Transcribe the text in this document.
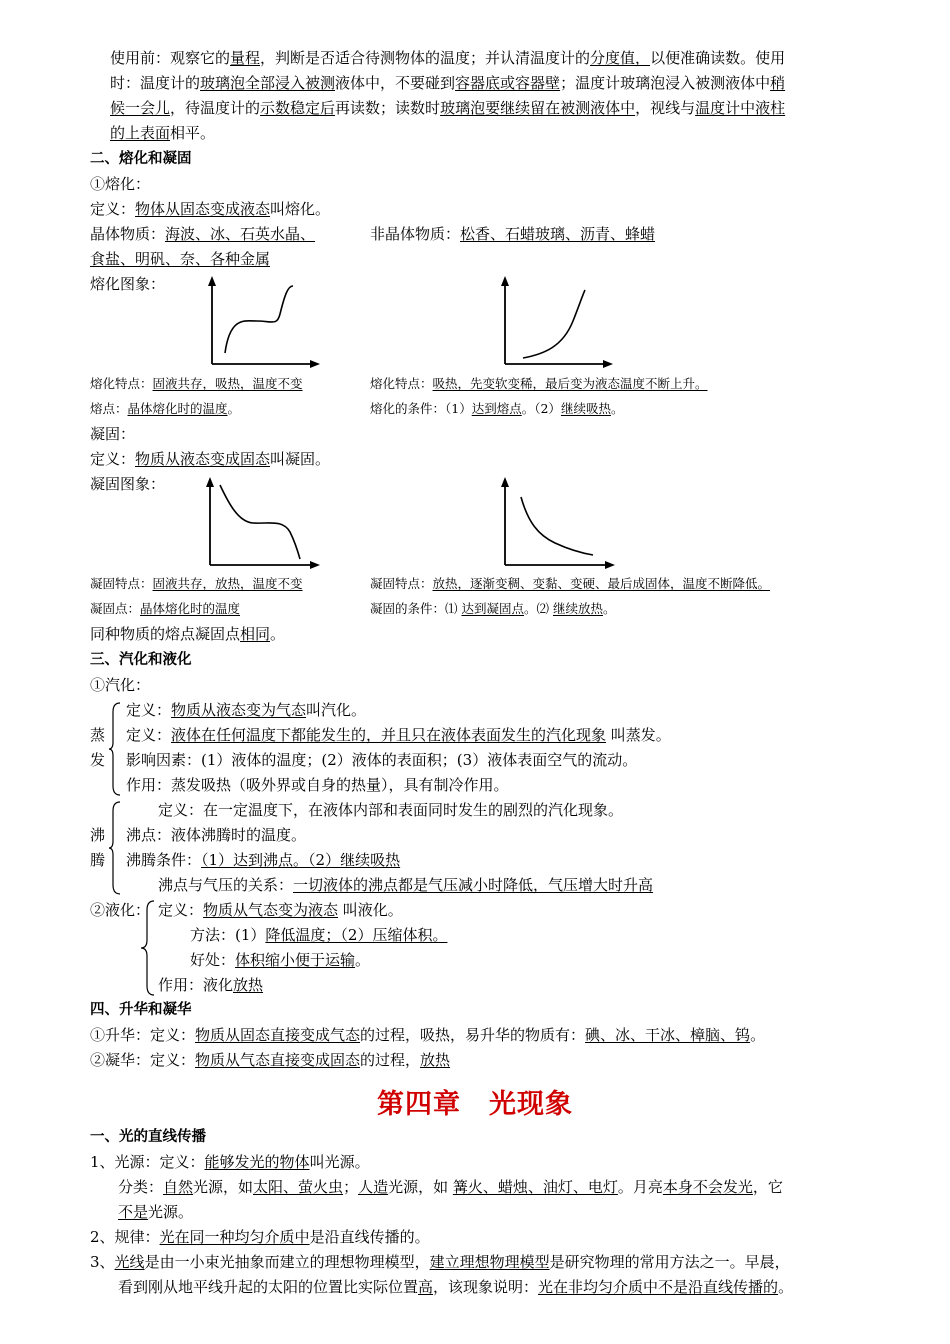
使用前：观察它的量程，判断是否适合待测物体的温度；并认清温度计的分度值，以便准确读数。使用
时：温度计的玻璃泡全部浸入被测液体中，不要碰到容器底或容器壁；温度计玻璃泡浸入被测液体中稍
候一会儿，待温度计的示数稳定后再读数；读数时玻璃泡要继续留在被测液体中，视线与温度计中液柱
的上表面相平。
二、熔化和凝固
①熔化：
定义：物体从固态变成液态叫熔化。
晶体物质：海波、冰、石英水晶、	非晶体物质：松香、石蜡玻璃、沥青、蜂蜡
食盐、明矾、奈、各种金属
熔化图象：
熔化特点：固液共存，吸热，温度不变	熔化特点：吸热，先变软变稀，最后变为液态温度不断上升。
熔点：晶体熔化时的温度。	熔化的条件：（1）达到熔点。（2）继续吸热。
凝固：
定义：物质从液态变成固态叫凝固。
凝固图象：
凝固特点：固液共存，放热，温度不变	凝固特点：放热，逐渐变稠、变黏、变硬、最后成固体，温度不断降低。
凝固点：晶体熔化时的温度	凝固的条件：⑴ 达到凝固点。⑵ 继续放热。
同种物质的熔点凝固点相同。
三、汽化和液化
①汽化：
蒸
发
定义：物质从液态变为气态叫汽化。
定义：液体在任何温度下都能发生的，并且只在液体表面发生的汽化现象 叫蒸发。
影响因素：(1）液体的温度；(2）液体的表面积；(3）液体表面空气的流动。
作用：蒸发吸热（吸外界或自身的热量），具有制冷作用。
沸
腾
定义：在一定温度下，在液体内部和表面同时发生的剧烈的汽化现象。
沸点：液体沸腾时的温度。
沸腾条件：（1）达到沸点。（2）继续吸热
沸点与气压的关系：一切液体的沸点都是气压减小时降低，气压增大时升高
②液化： 定义：物质从气态变为液态 叫液化。
方法：(1）降低温度；（2）压缩体积。
好处：体积缩小便于运输。
作用：液化放热
四、升华和凝华
①升华：定义：物质从固态直接变成气态的过程，吸热，易升华的物质有：碘、冰、干冰、樟脑、钨。
②凝华：定义：物质从气态直接变成固态的过程，放热
第四章　光现象
一、光的直线传播
1、光源：定义：能够发光的物体叫光源。
分类：自然光源，如太阳、萤火虫；人造光源，如 篝火、蜡烛、油灯、电灯。月亮本身不会发光，它
不是光源。
2、规律：光在同一种均匀介质中是沿直线传播的。
3、光线是由一小束光抽象而建立的理想物理模型，建立理想物理模型是研究物理的常用方法之一。早晨，
看到刚从地平线升起的太阳的位置比实际位置高，该现象说明：光在非均匀介质中不是沿直线传播的。
